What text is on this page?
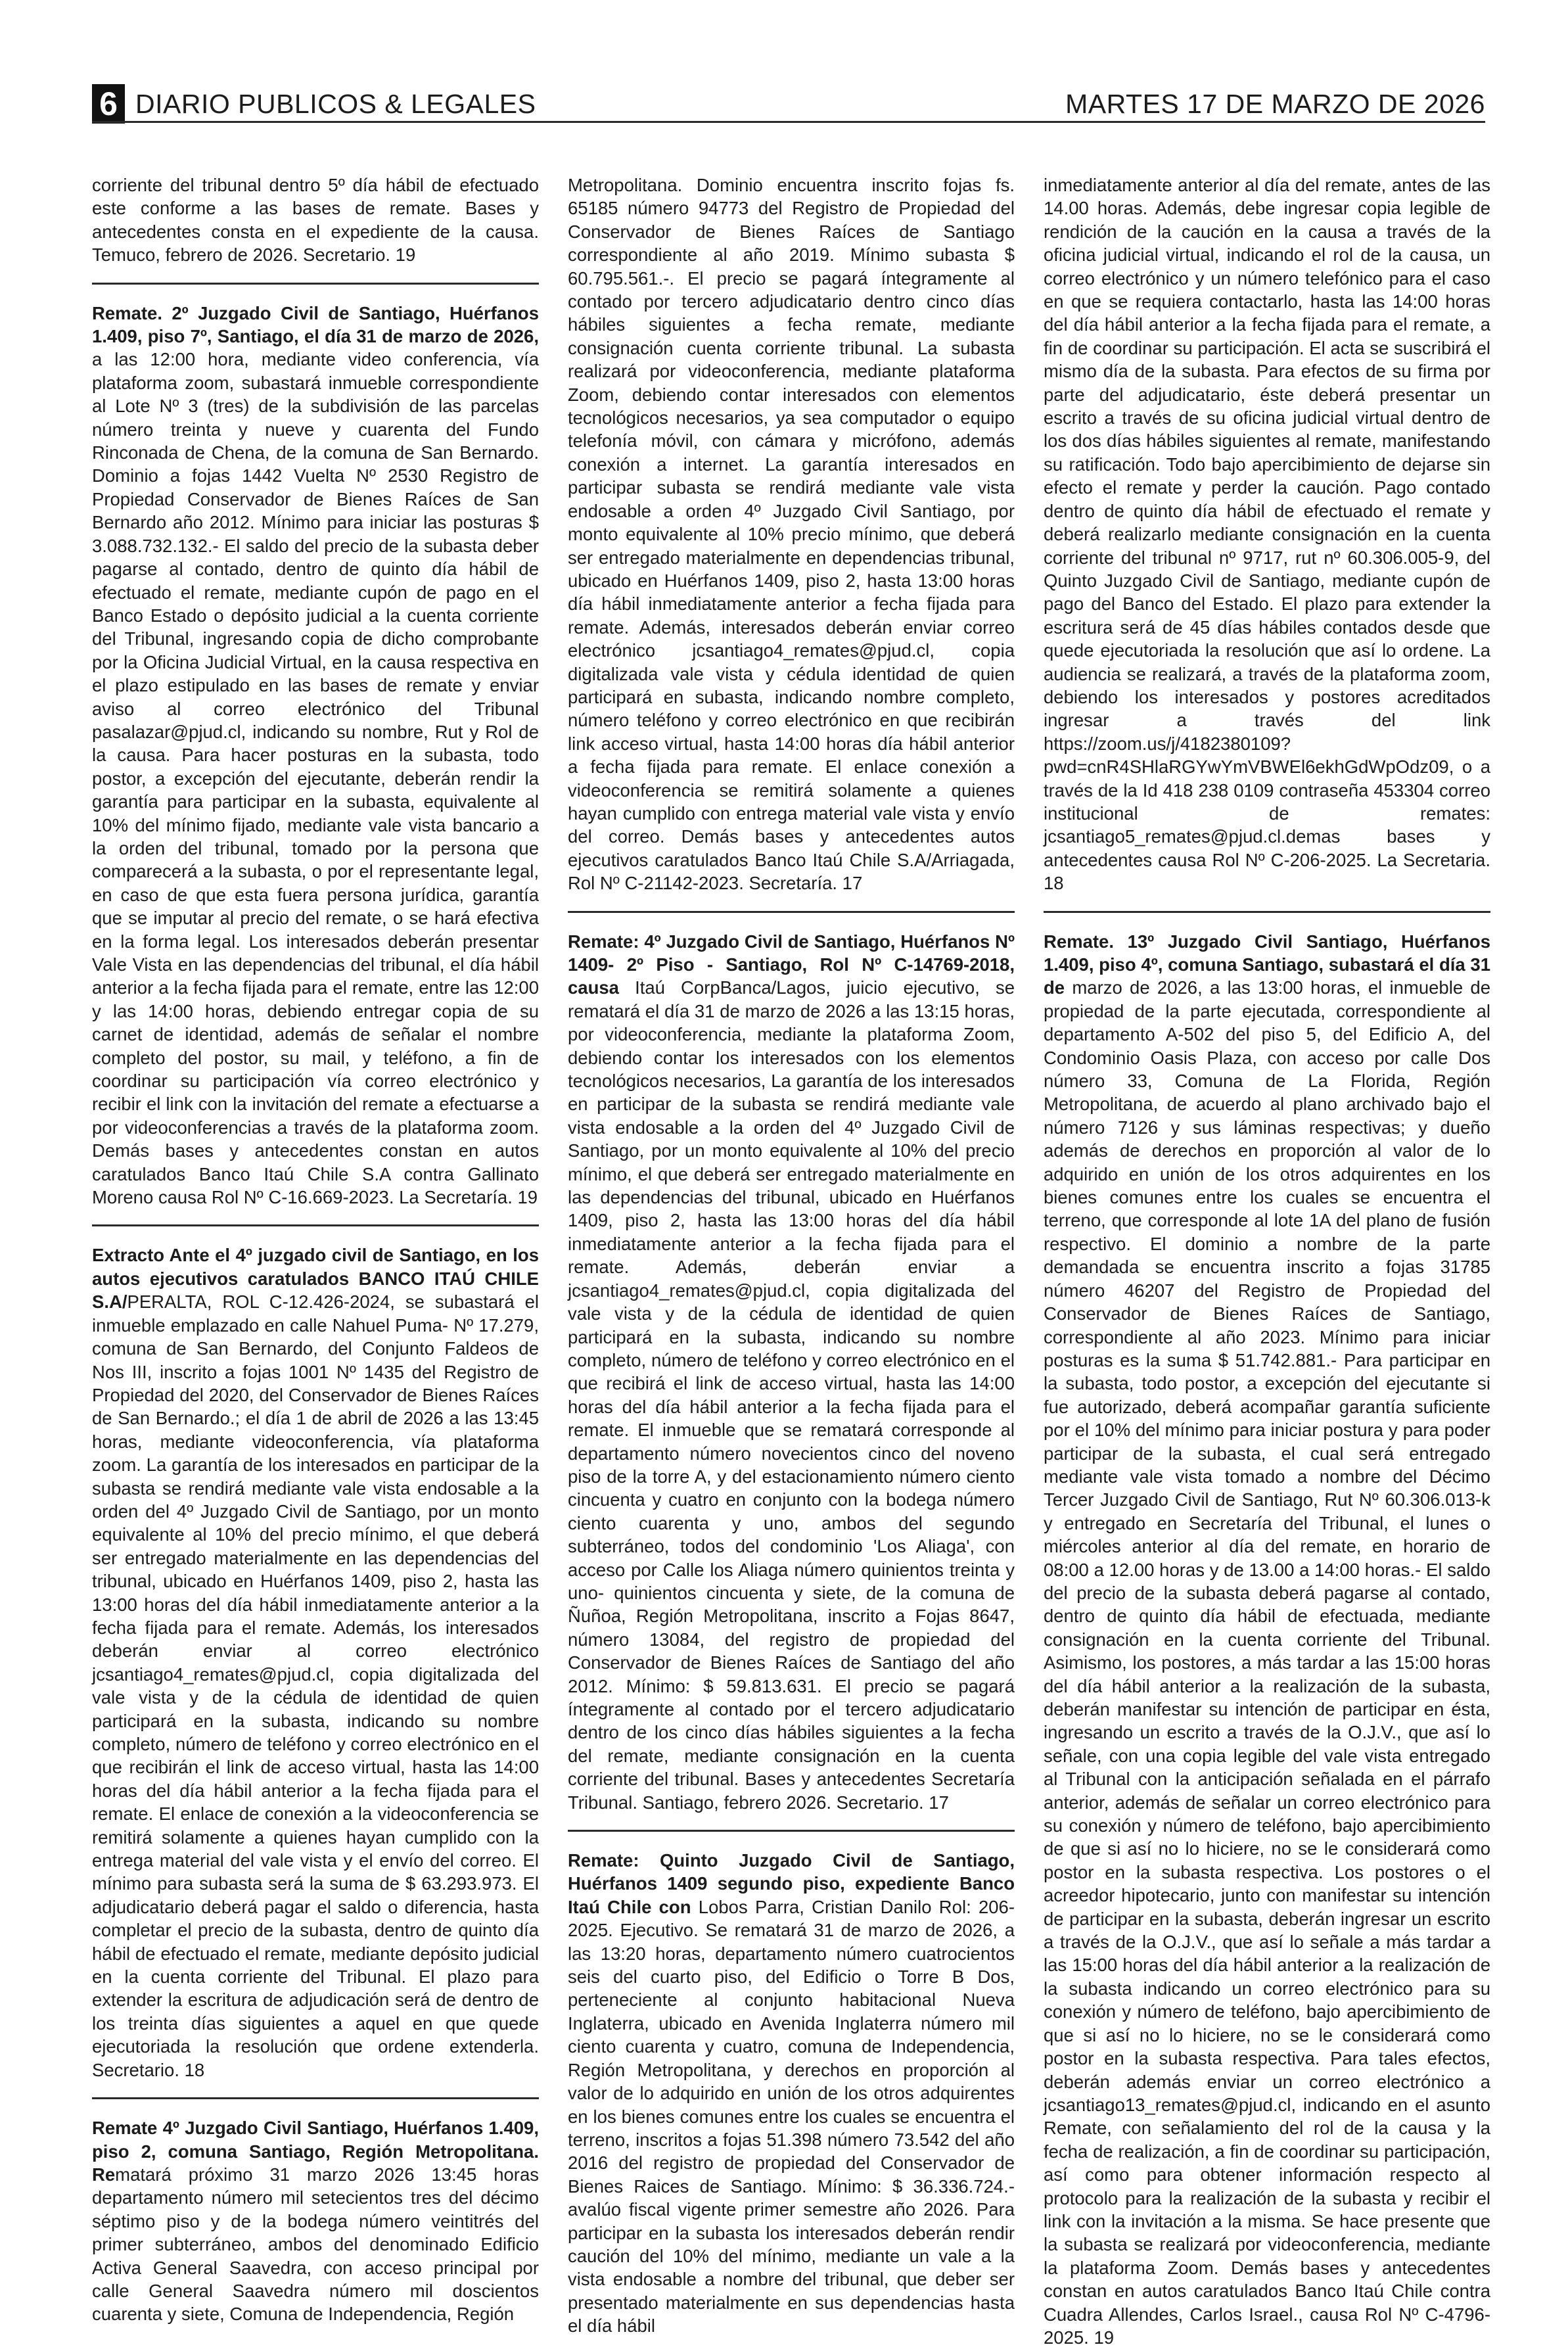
6 DIARIO PUBLICOS & LEGALES	MARTES 17 DE MARZO DE 2026

corriente del tribunal dentro 5º día hábil de efectuado este conforme a las bases de remate. Bases y antecedentes consta en el expediente de la causa. Temuco, febrero de 2026. Secretario. 19

Remate. 2º Juzgado Civil de Santiago, Huérfanos 1.409, piso 7º, Santiago, el día 31 de marzo de 2026, a las 12:00 hora, mediante video conferencia, vía plataforma zoom, subastará inmueble correspondiente al Lote Nº 3 (tres) de la subdivisión de las parcelas número treinta y nueve y cuarenta del Fundo Rinconada de Chena, de la comuna de San Bernardo. Dominio a fojas 1442 Vuelta Nº 2530 Registro de Propiedad Conservador de Bienes Raíces de San Bernardo año 2012. Mínimo para iniciar las posturas $ 3.088.732.132.- El saldo del precio de la subasta deber pagarse al contado, dentro de quinto día hábil de efectuado el remate, mediante cupón de pago en el Banco Estado o depósito judicial a la cuenta corriente del Tribunal, ingresando copia de dicho comprobante por la Oficina Judicial Virtual, en la causa respectiva en el plazo estipulado en las bases de remate y enviar aviso al correo electrónico del Tribunal pasalazar@pjud.cl, indicando su nombre, Rut y Rol de la causa. Para hacer posturas en la subasta, todo postor, a excepción del ejecutante, deberán rendir la garantía para participar en la subasta, equivalente al 10% del mínimo fijado, mediante vale vista bancario a la orden del tribunal, tomado por la persona que comparecerá a la subasta, o por el representante legal, en caso de que esta fuera persona jurídica, garantía que se imputar al precio del remate, o se hará efectiva en la forma legal. Los interesados deberán presentar Vale Vista en las dependencias del tribunal, el día hábil anterior a la fecha fijada para el remate, entre las 12:00 y las 14:00 horas, debiendo entregar copia de su carnet de identidad, además de señalar el nombre completo del postor, su mail, y teléfono, a fin de coordinar su participación vía correo electrónico y recibir el link con la invitación del remate a efectuarse a por videoconferencias a través de la plataforma zoom. Demás bases y antecedentes constan en autos caratulados Banco Itaú Chile S.A contra Gallinato Moreno causa Rol Nº C-16.669-2023. La Secretaría. 19

Extracto Ante el 4º juzgado civil de Santiago, en los autos ejecutivos caratulados BANCO ITAÚ CHILE S.A/PERALTA, ROL C-12.426-2024, se subastará el inmueble emplazado en calle Nahuel Puma- Nº 17.279, comuna de San Bernardo, del Conjunto Faldeos de Nos III, inscrito a fojas 1001 Nº 1435 del Registro de Propiedad del 2020, del Conservador de Bienes Raíces de San Bernardo.; el día 1 de abril de 2026 a las 13:45 horas, mediante videoconferencia, vía plataforma zoom. La garantía de los interesados en participar de la subasta se rendirá mediante vale vista endosable a la orden del 4º Juzgado Civil de Santiago, por un monto equivalente al 10% del precio mínimo, el que deberá ser entregado materialmente en las dependencias del tribunal, ubicado en Huérfanos 1409, piso 2, hasta las 13:00 horas del día hábil inmediatamente anterior a la fecha fijada para el remate. Además, los interesados deberán enviar al correo electrónico jcsantiago4_remates@pjud.cl, copia digitalizada del vale vista y de la cédula de identidad de quien participará en la subasta, indicando su nombre completo, número de teléfono y correo electrónico en el que recibirán el link de acceso virtual, hasta las 14:00 horas del día hábil anterior a la fecha fijada para el remate. El enlace de conexión a la videoconferencia se remitirá solamente a quienes hayan cumplido con la entrega material del vale vista y el envío del correo. El mínimo para subasta será la suma de $ 63.293.973. El adjudicatario deberá pagar el saldo o diferencia, hasta completar el precio de la subasta, dentro de quinto día hábil de efectuado el remate, mediante depósito judicial en la cuenta corriente del Tribunal. El plazo para extender la escritura de adjudicación será de dentro de los treinta días siguientes a aquel en que quede ejecutoriada la resolución que ordene extenderla. Secretario. 18

Remate 4º Juzgado Civil Santiago, Huérfanos 1.409, piso 2, comuna Santiago, Región Metropolitana. Rematará próximo 31 marzo 2026 13:45 horas departamento número mil setecientos tres del décimo séptimo piso y de la bodega número veintitrés del primer subterráneo, ambos del denominado Edificio Activa General Saavedra, con acceso principal por calle General Saavedra número mil doscientos cuarenta y siete, Comuna de Independencia, Región

Metropolitana. Dominio encuentra inscrito fojas fs. 65185 número 94773 del Registro de Propiedad del Conservador de Bienes Raíces de Santiago correspondiente al año 2019. Mínimo subasta $ 60.795.561.-. El precio se pagará íntegramente al contado por tercero adjudicatario dentro cinco días hábiles siguientes a fecha remate, mediante consignación cuenta corriente tribunal. La subasta realizará por videoconferencia, mediante plataforma Zoom, debiendo contar interesados con elementos tecnológicos necesarios, ya sea computador o equipo telefonía móvil, con cámara y micrófono, además conexión a internet. La garantía interesados en participar subasta se rendirá mediante vale vista endosable a orden 4º Juzgado Civil Santiago, por monto equivalente al 10% precio mínimo, que deberá ser entregado materialmente en dependencias tribunal, ubicado en Huérfanos 1409, piso 2, hasta 13:00 horas día hábil inmediatamente anterior a fecha fijada para remate. Además, interesados deberán enviar correo electrónico jcsantiago4_remates@pjud.cl, copia digitalizada vale vista y cédula identidad de quien participará en subasta, indicando nombre completo, número teléfono y correo electrónico en que recibirán link acceso virtual, hasta 14:00 horas día hábil anterior a fecha fijada para remate. El enlace conexión a videoconferencia se remitirá solamente a quienes hayan cumplido con entrega material vale vista y envío del correo. Demás bases y antecedentes autos ejecutivos caratulados Banco Itaú Chile S.A/Arriagada, Rol Nº C-21142-2023. Secretaría. 17

Remate: 4º Juzgado Civil de Santiago, Huérfanos Nº 1409- 2º Piso - Santiago, Rol Nº C-14769-2018, causa Itaú CorpBanca/Lagos, juicio ejecutivo, se rematará el día 31 de marzo de 2026 a las 13:15 horas, por videoconferencia, mediante la plataforma Zoom, debiendo contar los interesados con los elementos tecnológicos necesarios, La garantía de los interesados en participar de la subasta se rendirá mediante vale vista endosable a la orden del 4º Juzgado Civil de Santiago, por un monto equivalente al 10% del precio mínimo, el que deberá ser entregado materialmente en las dependencias del tribunal, ubicado en Huérfanos 1409, piso 2, hasta las 13:00 horas del día hábil inmediatamente anterior a la fecha fijada para el remate. Además, deberán enviar a jcsantiago4_remates@pjud.cl, copia digitalizada del vale vista y de la cédula de identidad de quien participará en la subasta, indicando su nombre completo, número de teléfono y correo electrónico en el que recibirá el link de acceso virtual, hasta las 14:00 horas del día hábil anterior a la fecha fijada para el remate. El inmueble que se rematará corresponde al departamento número novecientos cinco del noveno piso de la torre A, y del estacionamiento número ciento cincuenta y cuatro en conjunto con la bodega número ciento cuarenta y uno, ambos del segundo subterráneo, todos del condominio 'Los Aliaga', con acceso por Calle los Aliaga número quinientos treinta y uno- quinientos cincuenta y siete, de la comuna de Ñuñoa, Región Metropolitana, inscrito a Fojas 8647, número 13084, del registro de propiedad del Conservador de Bienes Raíces de Santiago del año 2012. Mínimo: $ 59.813.631. El precio se pagará íntegramente al contado por el tercero adjudicatario dentro de los cinco días hábiles siguientes a la fecha del remate, mediante consignación en la cuenta corriente del tribunal. Bases y antecedentes Secretaría Tribunal. Santiago, febrero 2026. Secretario. 17

Remate: Quinto Juzgado Civil de Santiago, Huérfanos 1409 segundo piso, expediente Banco Itaú Chile con Lobos Parra, Cristian Danilo Rol: 206-2025. Ejecutivo. Se rematará 31 de marzo de 2026, a las 13:20 horas, departamento número cuatrocientos seis del cuarto piso, del Edificio o Torre B Dos, perteneciente al conjunto habitacional Nueva Inglaterra, ubicado en Avenida Inglaterra número mil ciento cuarenta y cuatro, comuna de Independencia, Región Metropolitana, y derechos en proporción al valor de lo adquirido en unión de los otros adquirentes en los bienes comunes entre los cuales se encuentra el terreno, inscritos a fojas 51.398 número 73.542 del año 2016 del registro de propiedad del Conservador de Bienes Raices de Santiago. Mínimo: $ 36.336.724.- avalúo fiscal vigente primer semestre año 2026. Para participar en la subasta los interesados deberán rendir caución del 10% del mínimo, mediante un vale a la vista endosable a nombre del tribunal, que deber ser presentado materialmente en sus dependencias hasta el día hábil

inmediatamente anterior al día del remate, antes de las 14.00 horas. Además, debe ingresar copia legible de rendición de la caución en la causa a través de la oficina judicial virtual, indicando el rol de la causa, un correo electrónico y un número telefónico para el caso en que se requiera contactarlo, hasta las 14:00 horas del día hábil anterior a la fecha fijada para el remate, a fin de coordinar su participación. El acta se suscribirá el mismo día de la subasta. Para efectos de su firma por parte del adjudicatario, éste deberá presentar un escrito a través de su oficina judicial virtual dentro de los dos días hábiles siguientes al remate, manifestando su ratificación. Todo bajo apercibimiento de dejarse sin efecto el remate y perder la caución. Pago contado dentro de quinto día hábil de efectuado el remate y deberá realizarlo mediante consignación en la cuenta corriente del tribunal nº 9717, rut nº 60.306.005-9, del Quinto Juzgado Civil de Santiago, mediante cupón de pago del Banco del Estado. El plazo para extender la escritura será de 45 días hábiles contados desde que quede ejecutoriada la resolución que así lo ordene. La audiencia se realizará, a través de la plataforma zoom, debiendo los interesados y postores acreditados ingresar a través del link https://zoom.us/j/4182380109?pwd=cnR4SHlaRGYwYmVBWEl6ekhGdWpOdz09, o a través de la Id 418 238 0109 contraseña 453304 correo institucional de remates: jcsantiago5_remates@pjud.cl.demas bases y antecedentes causa Rol Nº C-206-2025. La Secretaria. 18

Remate. 13º Juzgado Civil Santiago, Huérfanos 1.409, piso 4º, comuna Santiago, subastará el día 31 de marzo de 2026, a las 13:00 horas, el inmueble de propiedad de la parte ejecutada, correspondiente al departamento A-502 del piso 5, del Edificio A, del Condominio Oasis Plaza, con acceso por calle Dos número 33, Comuna de La Florida, Región Metropolitana, de acuerdo al plano archivado bajo el número 7126 y sus láminas respectivas; y dueño además de derechos en proporción al valor de lo adquirido en unión de los otros adquirentes en los bienes comunes entre los cuales se encuentra el terreno, que corresponde al lote 1A del plano de fusión respectivo. El dominio a nombre de la parte demandada se encuentra inscrito a fojas 31785 número 46207 del Registro de Propiedad del Conservador de Bienes Raíces de Santiago, correspondiente al año 2023. Mínimo para iniciar posturas es la suma $ 51.742.881.- Para participar en la subasta, todo postor, a excepción del ejecutante si fue autorizado, deberá acompañar garantía suficiente por el 10% del mínimo para iniciar postura y para poder participar de la subasta, el cual será entregado mediante vale vista tomado a nombre del Décimo Tercer Juzgado Civil de Santiago, Rut Nº 60.306.013-k y entregado en Secretaría del Tribunal, el lunes o miércoles anterior al día del remate, en horario de 08:00 a 12.00 horas y de 13.00 a 14:00 horas.- El saldo del precio de la subasta deberá pagarse al contado, dentro de quinto día hábil de efectuada, mediante consignación en la cuenta corriente del Tribunal. Asimismo, los postores, a más tardar a las 15:00 horas del día hábil anterior a la realización de la subasta, deberán manifestar su intención de participar en ésta, ingresando un escrito a través de la O.J.V., que así lo señale, con una copia legible del vale vista entregado al Tribunal con la anticipación señalada en el párrafo anterior, además de señalar un correo electrónico para su conexión y número de teléfono, bajo apercibimiento de que si así no lo hiciere, no se le considerará como postor en la subasta respectiva. Los postores o el acreedor hipotecario, junto con manifestar su intención de participar en la subasta, deberán ingresar un escrito a través de la O.J.V., que así lo señale a más tardar a las 15:00 horas del día hábil anterior a la realización de la subasta indicando un correo electrónico para su conexión y número de teléfono, bajo apercibimiento de que si así no lo hiciere, no se le considerará como postor en la subasta respectiva. Para tales efectos, deberán además enviar un correo electrónico a jcsantiago13_remates@pjud.cl, indicando en el asunto Remate, con señalamiento del rol de la causa y la fecha de realización, a fin de coordinar su participación, así como para obtener información respecto al protocolo para la realización de la subasta y recibir el link con la invitación a la misma. Se hace presente que la subasta se realizará por videoconferencia, mediante la plataforma Zoom. Demás bases y antecedentes constan en autos caratulados Banco Itaú Chile contra Cuadra Allendes, Carlos Israel., causa Rol Nº C-4796-2025. 19
